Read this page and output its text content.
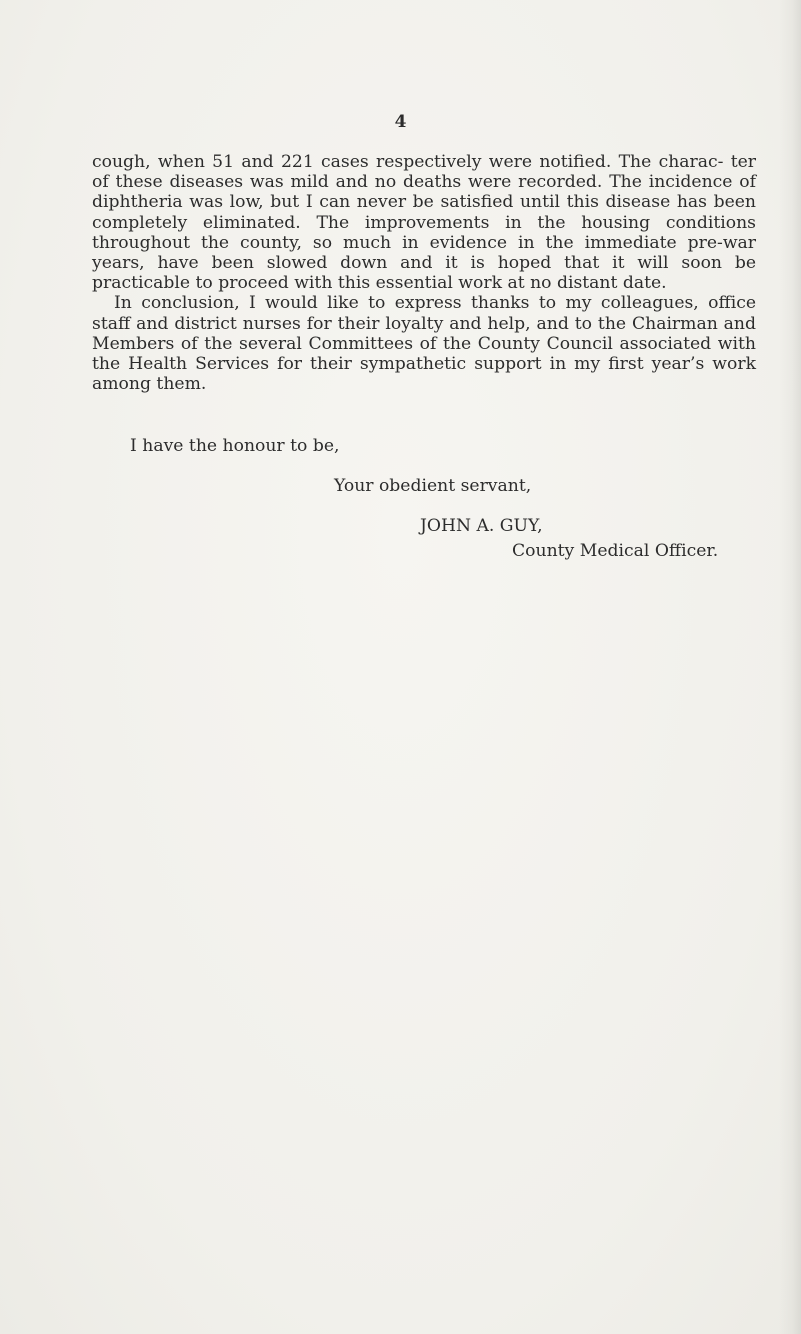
4

cough, when 51 and 221 cases respectively were notified. The charac- ter of these diseases was mild and no deaths were recorded. The incidence of diphtheria was low, but I can never be satisfied until this disease has been completely eliminated. The improvements in the housing conditions throughout the county, so much in evidence in the immediate pre-war years, have been slowed down and it is hoped that it will soon be practicable to proceed with this essential work at no distant date.

In conclusion, I would like to express thanks to my colleagues, office staff and district nurses for their loyalty and help, and to the Chairman and Members of the several Committees of the County Council associated with the Health Services for their sympathetic support in my first year’s work among them.

I have the honour to be,
Your obedient servant,
JOHN A. GUY,
County Medical Officer.
